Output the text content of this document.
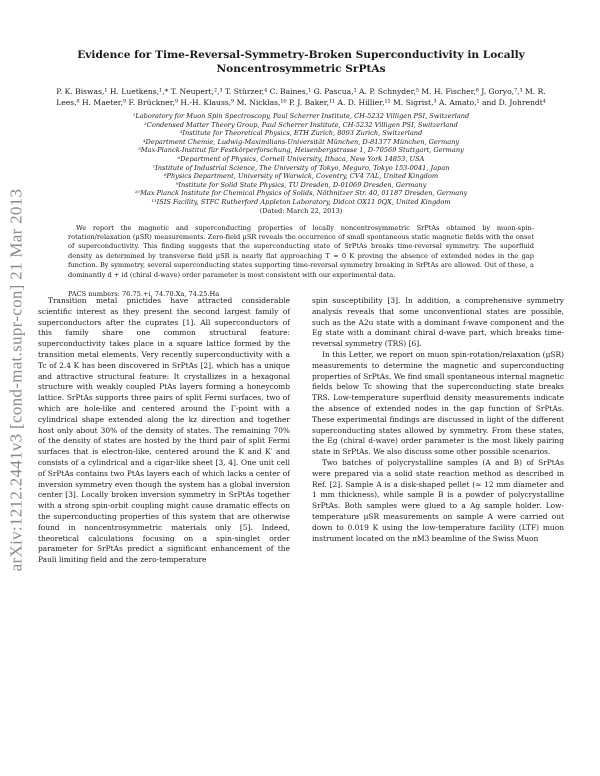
arXiv:1212.2441v3 [cond-mat.supr-con] 21 Mar 2013
Evidence for Time-Reversal-Symmetry-Broken Superconductivity in Locally Noncentrosymmetric SrPtAs
P. K. Biswas,¹ H. Luetkens,¹,* T. Neupert,²,³ T. Stürzer,⁴ C. Baines,¹ G. Pascua,¹ A. P. Schnyder,⁵ M. H. Fischer,⁶ J. Goryo,⁷,³ M. R. Lees,⁸ H. Maeter,⁹ F. Brückner,⁹ H.-H. Klauss,⁹ M. Nicklas,¹⁰ P. J. Baker,¹¹ A. D. Hillier,¹¹ M. Sigrist,³ A. Amato,¹ and D. Johrendt⁴
¹Laboratory for Muon Spin Spectroscopy, Paul Scherrer Institute, CH-5232 Villigen PSI, Switzerland
²Condensed Matter Theory Group, Paul Scherrer Institute, CH-5232 Villigen PSI, Switzerland
³Institute for Theoretical Physics, ETH Zurich, 8093 Zurich, Switzerland
⁴Department Chemie, Ludwig-Maximilians-Universität München, D-81377 München, Germany
⁵Max-Planck-Institut für Festkörperforschung, Heisenbergstrasse 1, D-70569 Stuttgart, Germany
⁶Department of Physics, Cornell University, Ithaca, New York 14853, USA
⁷Institute of Industrial Science, The University of Tokyo, Meguro, Tokyo 153-0041, Japan
⁸Physics Department, University of Warwick, Coventry, CV4 7AL, United Kingdom
⁹Institute for Solid State Physics, TU Dresden, D-01069 Dresden, Germany
¹⁰Max Planck Institute for Chemical Physics of Solids, Nöthnitzer Str. 40, 01187 Dresden, Germany
¹¹ISIS Facility, STFC Rutherford Appleton Laboratory, Didcot OX11 0QX, United Kingdom
(Dated: March 22, 2013)

We report the magnetic and superconducting properties of locally noncentrosymmetric SrPtAs obtained by muon-spin-rotation/relaxation (μSR) measurements. Zero-field μSR reveals the occurrence of small spontaneous static magnetic fields with the onset of superconductivity. This finding suggests that the superconducting state of SrPtAs breaks time-reversal symmetry. The superfluid density as determined by transverse field μSR is nearly flat approaching T = 0 K proving the absence of extended nodes in the gap function. By symmetry, several superconducting states supporting time-reversal symmetry breaking in SrPtAs are allowed. Out of these, a dominantly d + id (chiral d-wave) order parameter is most consistent with our experimental data.

PACS numbers: 76.75.+i, 74.70.Xa, 74.25.Ha

Transition metal pnictides have attracted considerable scientific interest as they present the second largest family of superconductors after the cuprates [1]. All superconductors of this family share one common structural feature: superconductivity takes place in a square lattice formed by the transition metal elements. Very recently superconductivity with a Tc of 2.4 K has been discovered in SrPtAs [2], which has a unique and attractive structural feature: It crystallizes in a hexagonal structure with weakly coupled PtAs layers forming a honeycomb lattice. SrPtAs supports three pairs of split Fermi surfaces, two of which are hole-like and centered around the Γ-point with a cylindrical shape extended along the kz direction and together host only about 30% of the density of states. The remaining 70% of the density of states are hosted by the third pair of split Fermi surfaces that is electron-like, centered around the K and K′ and consists of a cylindrical and a cigar-like sheet [3, 4]. One unit cell of SrPtAs contains two PtAs layers each of which lacks a center of inversion symmetry even though the system has a global inversion center [3]. Locally broken inversion symmetry in SrPtAs together with a strong spin-orbit coupling might cause dramatic effects on the superconducting properties of this system that are otherwise found in noncentrosymmetric materials only [5]. Indeed, theoretical calculations focusing on a spin-singlet order parameter for SrPtAs predict a significant enhancement of the Pauli limiting field and the zero-temperature

spin susceptibility [3]. In addition, a comprehensive symmetry analysis reveals that some unconventional states are possible, such as the A2u state with a dominant f-wave component and the Eg state with a dominant chiral d-wave part, which breaks time-reversal symmetry (TRS) [6].

In this Letter, we report on muon spin-rotation/relaxation (μSR) measurements to determine the magnetic and superconducting properties of SrPtAs. We find small spontaneous internal magnetic fields below Tc showing that the superconducting state breaks TRS. Low-temperature superfluid density measurements indicate the absence of extended nodes in the gap function of SrPtAs. These experimental findings are discussed in light of the different superconducting states allowed by symmetry. From these states, the Eg (chiral d-wave) order parameter is the most likely pairing state in SrPtAs. We also discuss some other possible scenarios.

Two batches of polycrystalline samples (A and B) of SrPtAs were prepared via a solid state reaction method as described in Ref. [2]. Sample A is a disk-shaped pellet (≈ 12 mm diameter and 1 mm thickness), while sample B is a powder of polycrystalline SrPtAs. Both samples were glued to a Ag sample holder. Low-temperature μSR measurements on sample A were carried out down to 0.019 K using the low-temperature facility (LTF) muon instrument located on the πM3 beamline of the Swiss Muon
